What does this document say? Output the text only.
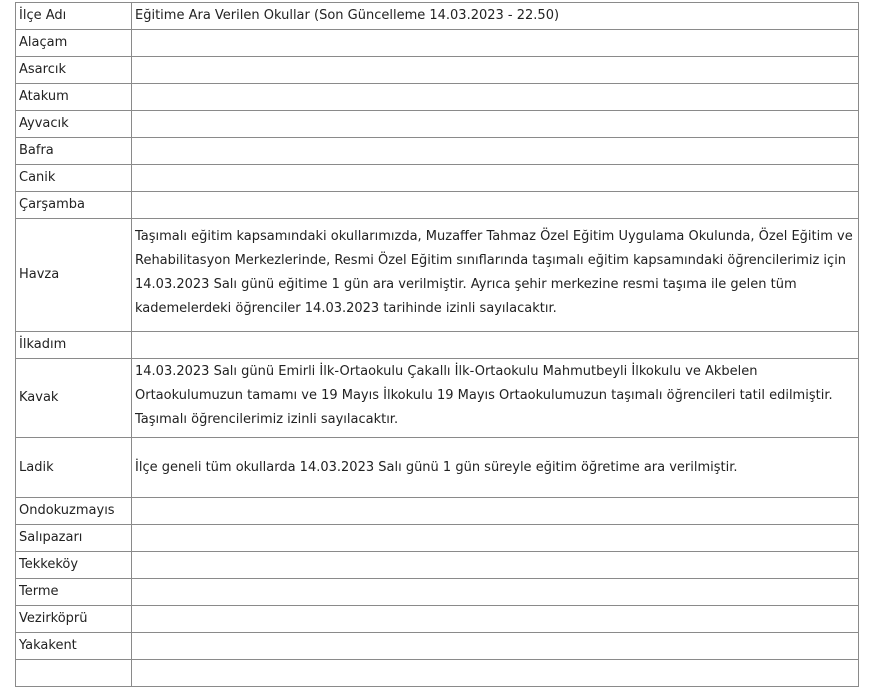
İlçe Adı	Eğitime Ara Verilen Okullar (Son Güncelleme 14.03.2023 - 22.50)
Alaçam	
Asarcık	
Atakum	
Ayvacık	
Bafra	
Canik	
Çarşamba	
Havza	Taşımalı eğitim kapsamındaki okullarımızda, Muzaffer Tahmaz Özel Eğitim Uygulama Okulunda, Özel Eğitim ve Rehabilitasyon Merkezlerinde, Resmi Özel Eğitim sınıflarında taşımalı eğitim kapsamındaki öğrencilerimiz için 14.03.2023 Salı günü eğitime 1 gün ara verilmiştir. Ayrıca şehir merkezine resmi taşıma ile gelen tüm kademelerdeki öğrenciler 14.03.2023 tarihinde izinli sayılacaktır.
İlkadım	
Kavak	14.03.2023 Salı günü Emirli İlk-Ortaokulu Çakallı İlk-Ortaokulu Mahmutbeyli İlkokulu ve Akbelen Ortaokulumuzun tamamı ve 19 Mayıs İlkokulu 19 Mayıs Ortaokulumuzun taşımalı öğrencileri tatil edilmiştir. Taşımalı öğrencilerimiz izinli sayılacaktır.
Ladik	İlçe geneli tüm okullarda 14.03.2023 Salı günü 1 gün süreyle eğitim öğretime ara verilmiştir.
Ondokuzmayıs	
Salıpazarı	
Tekkeköy	
Terme	
Vezirköprü	
Yakakent	
